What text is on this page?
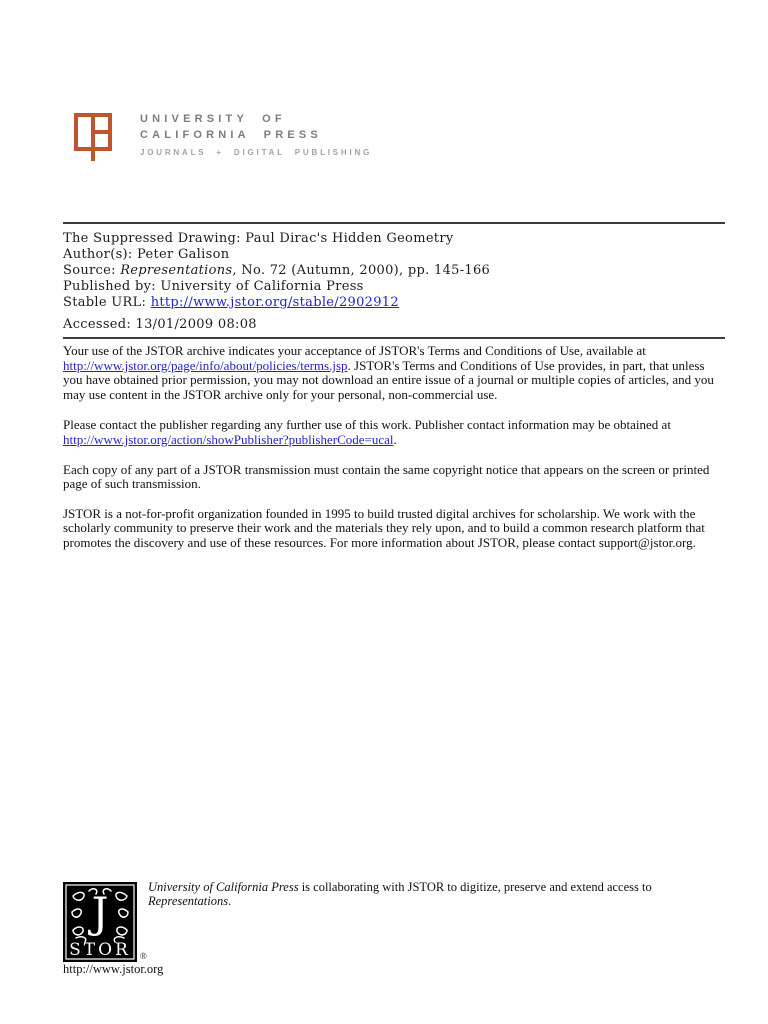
UNIVERSITY OF
CALIFORNIA PRESS
JOURNALS + DIGITAL PUBLISHING
The Suppressed Drawing: Paul Dirac's Hidden Geometry
Author(s): Peter Galison
Source: Representations, No. 72 (Autumn, 2000), pp. 145-166
Published by: University of California Press
Stable URL: http://www.jstor.org/stable/2902912
Accessed: 13/01/2009 08:08

Your use of the JSTOR archive indicates your acceptance of JSTOR's Terms and Conditions of Use, available at http://www.jstor.org/page/info/about/policies/terms.jsp. JSTOR's Terms and Conditions of Use provides, in part, that unless you have obtained prior permission, you may not download an entire issue of a journal or multiple copies of articles, and you may use content in the JSTOR archive only for your personal, non-commercial use.

Please contact the publisher regarding any further use of this work. Publisher contact information may be obtained at http://www.jstor.org/action/showPublisher?publisherCode=ucal.

Each copy of any part of a JSTOR transmission must contain the same copyright notice that appears on the screen or printed page of such transmission.

JSTOR is a not-for-profit organization founded in 1995 to build trusted digital archives for scholarship. We work with the scholarly community to preserve their work and the materials they rely upon, and to build a common research platform that promotes the discovery and use of these resources. For more information about JSTOR, please contact support@jstor.org.

J
STOR ®
University of California Press is collaborating with JSTOR to digitize, preserve and extend access to Representations.
http://www.jstor.org
